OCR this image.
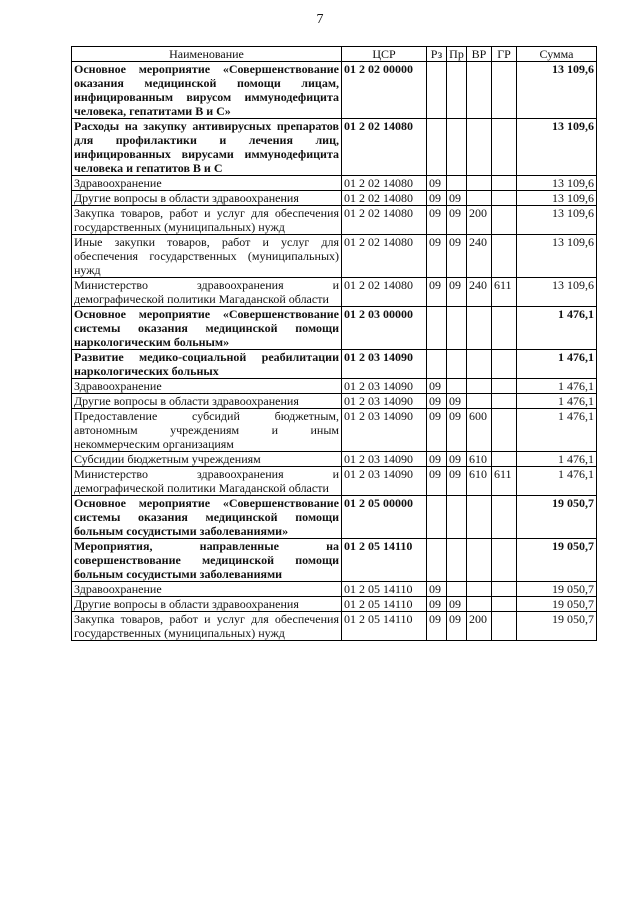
7
Наименование	ЦСР	Рз	Пр	ВР	ГР	Сумма
Основное мероприятие «Совершенствование оказания медицинской помощи лицам, инфицированным вирусом иммунодефицита человека, гепатитами В и С»	01 2 02 00000					13 109,6
Расходы на закупку антивирусных препаратов для профилактики и лечения лиц, инфицированных вирусами иммунодефицита человека и гепатитов В и С	01 2 02 14080					13 109,6
Здравоохранение	01 2 02 14080	09				13 109,6
Другие вопросы в области здравоохранения	01 2 02 14080	09	09			13 109,6
Закупка товаров, работ и услуг для обеспечения государственных (муниципальных) нужд	01 2 02 14080	09	09	200		13 109,6
Иные закупки товаров, работ и услуг для обеспечения государственных (муниципальных) нужд	01 2 02 14080	09	09	240		13 109,6
Министерство здравоохранения и демографической политики Магаданской области	01 2 02 14080	09	09	240	611	13 109,6
Основное мероприятие «Совершенствование системы оказания медицинской помощи наркологическим больным»	01 2 03 00000					1 476,1
Развитие медико-социальной реабилитации наркологических больных	01 2 03 14090					1 476,1
Здравоохранение	01 2 03 14090	09				1 476,1
Другие вопросы в области здравоохранения	01 2 03 14090	09	09			1 476,1
Предоставление субсидий бюджетным, автономным учреждениям и иным некоммерческим организациям	01 2 03 14090	09	09	600		1 476,1
Субсидии бюджетным учреждениям	01 2 03 14090	09	09	610		1 476,1
Министерство здравоохранения и демографической политики Магаданской области	01 2 03 14090	09	09	610	611	1 476,1
Основное мероприятие «Совершенствование системы оказания медицинской помощи больным сосудистыми заболеваниями»	01 2 05 00000					19 050,7
Мероприятия, направленные на совершенствование медицинской помощи больным сосудистыми заболеваниями	01 2 05 14110					19 050,7
Здравоохранение	01 2 05 14110	09				19 050,7
Другие вопросы в области здравоохранения	01 2 05 14110	09	09			19 050,7
Закупка товаров, работ и услуг для обеспечения государственных (муниципальных) нужд	01 2 05 14110	09	09	200		19 050,7
